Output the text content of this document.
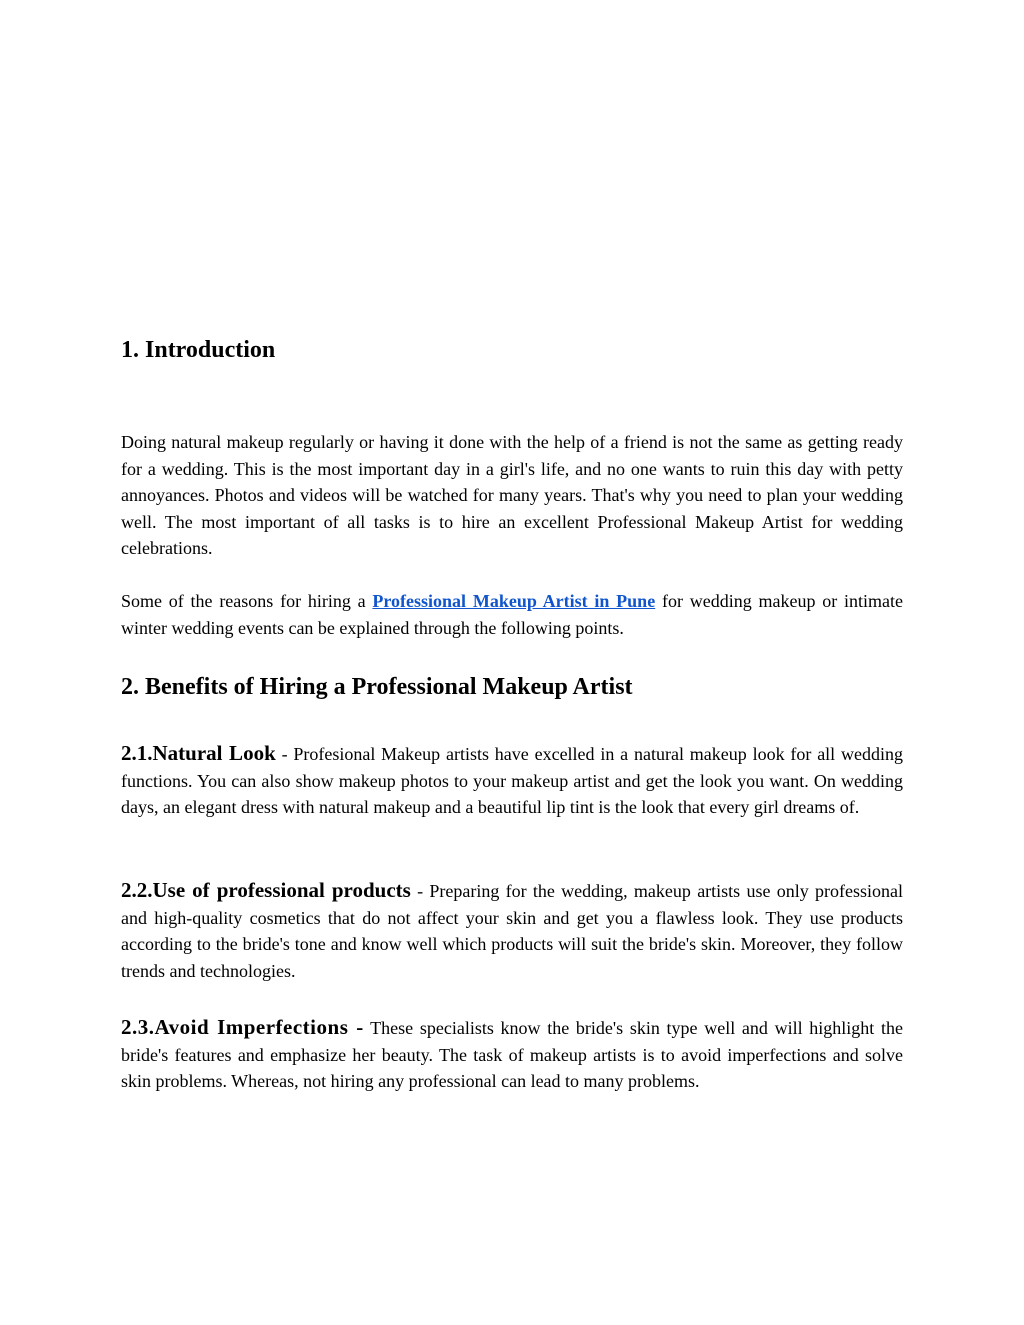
1. Introduction

Doing natural makeup regularly or having it done with the help of a friend is not the same as getting ready for a wedding. This is the most important day in a girl's life, and no one wants to ruin this day with petty annoyances. Photos and videos will be watched for many years. That's why you need to plan your wedding well. The most important of all tasks is to hire an excellent Professional Makeup Artist for wedding celebrations.

Some of the reasons for hiring a Professional Makeup Artist in Pune for wedding makeup or intimate winter wedding events can be explained through the following points.

2. Benefits of Hiring a Professional Makeup Artist

2.1.Natural Look - Profesional Makeup artists have excelled in a natural makeup look for all wedding functions. You can also show makeup photos to your makeup artist and get the look you want. On wedding days, an elegant dress with natural makeup and a beautiful lip tint is the look that every girl dreams of.

2.2.Use of professional products - Preparing for the wedding, makeup artists use only professional and high-quality cosmetics that do not affect your skin and get you a flawless look. They use products according to the bride's tone and know well which products will suit the bride's skin. Moreover, they follow trends and technologies.

2.3.Avoid Imperfections - These specialists know the bride's skin type well and will highlight the bride's features and emphasize her beauty. The task of makeup artists is to avoid imperfections and solve skin problems. Whereas, not hiring any professional can lead to many problems.
